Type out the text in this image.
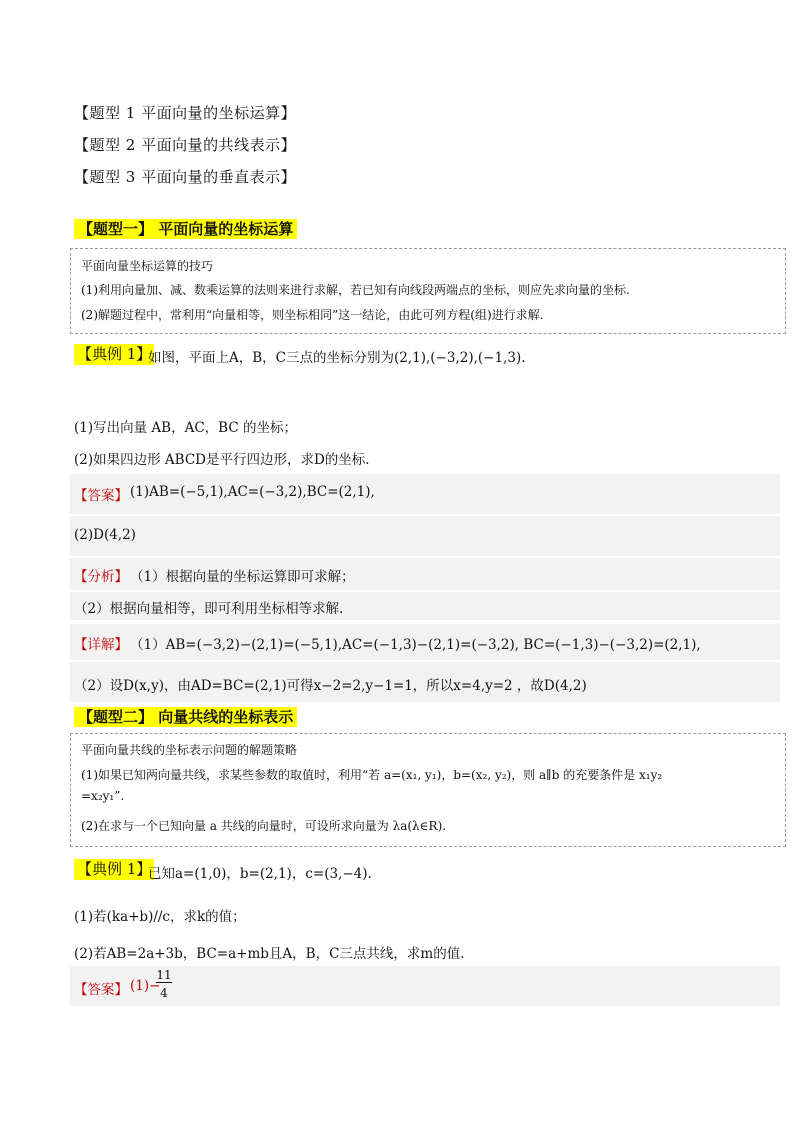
【题型 1 平面向量的坐标运算】
【题型 2 平面向量的共线表示】
【题型 3 平面向量的垂直表示】
【题型一】 平面向量的坐标运算
平面向量坐标运算的技巧
(1)利用向量加、减、数乘运算的法则来进行求解，若已知有向线段两端点的坐标，则应先求向量的坐标.
(2)解题过程中，常利用“向量相等，则坐标相同”这一结论，由此可列方程(组)进行求解.
【典例 1】
如图，平面上A，B，C三点的坐标分别为(2,1),(−3,2),(−1,3).
(1)写出向量 AB，AC，BC 的坐标；
(2)如果四边形 ABCD是平行四边形，求D的坐标.
【答案】 (1)AB=(−5,1),AC=(−3,2),BC=(2,1),
(2)D(4,2)
【分析】 （1）根据向量的坐标运算即可求解；
（2）根据向量相等，即可利用坐标相等求解.
【详解】 （1）AB=(−3,2)−(2,1)=(−5,1),AC=(−1,3)−(2,1)=(−3,2), BC=(−1,3)−(−3,2)=(2,1),
（2）设D(x,y)，由AD=BC=(2,1)可得x−2=2,y−1=1，所以x=4,y=2 ，故D(4,2)
【题型二】 向量共线的坐标表示
平面向量共线的坐标表示问题的解题策略
(1)如果已知两向量共线，求某些参数的取值时，利用“若 a=(x₁, y₁)，b=(x₂, y₂)，则 a∥b 的充要条件是 x₁y₂
=x₂y₁”.
(2)在求与一个已知向量 a 共线的向量时，可设所求向量为 λa(λ∈R).
【典例 1】
已知a=(1,0)，b=(2,1)，c=(3,−4).
(1)若(ka+b)//c，求k的值；
(2)若AB=2a+3b，BC=a+mb且A，B，C三点共线，求m的值.
【答案】 (1)−
11
4
